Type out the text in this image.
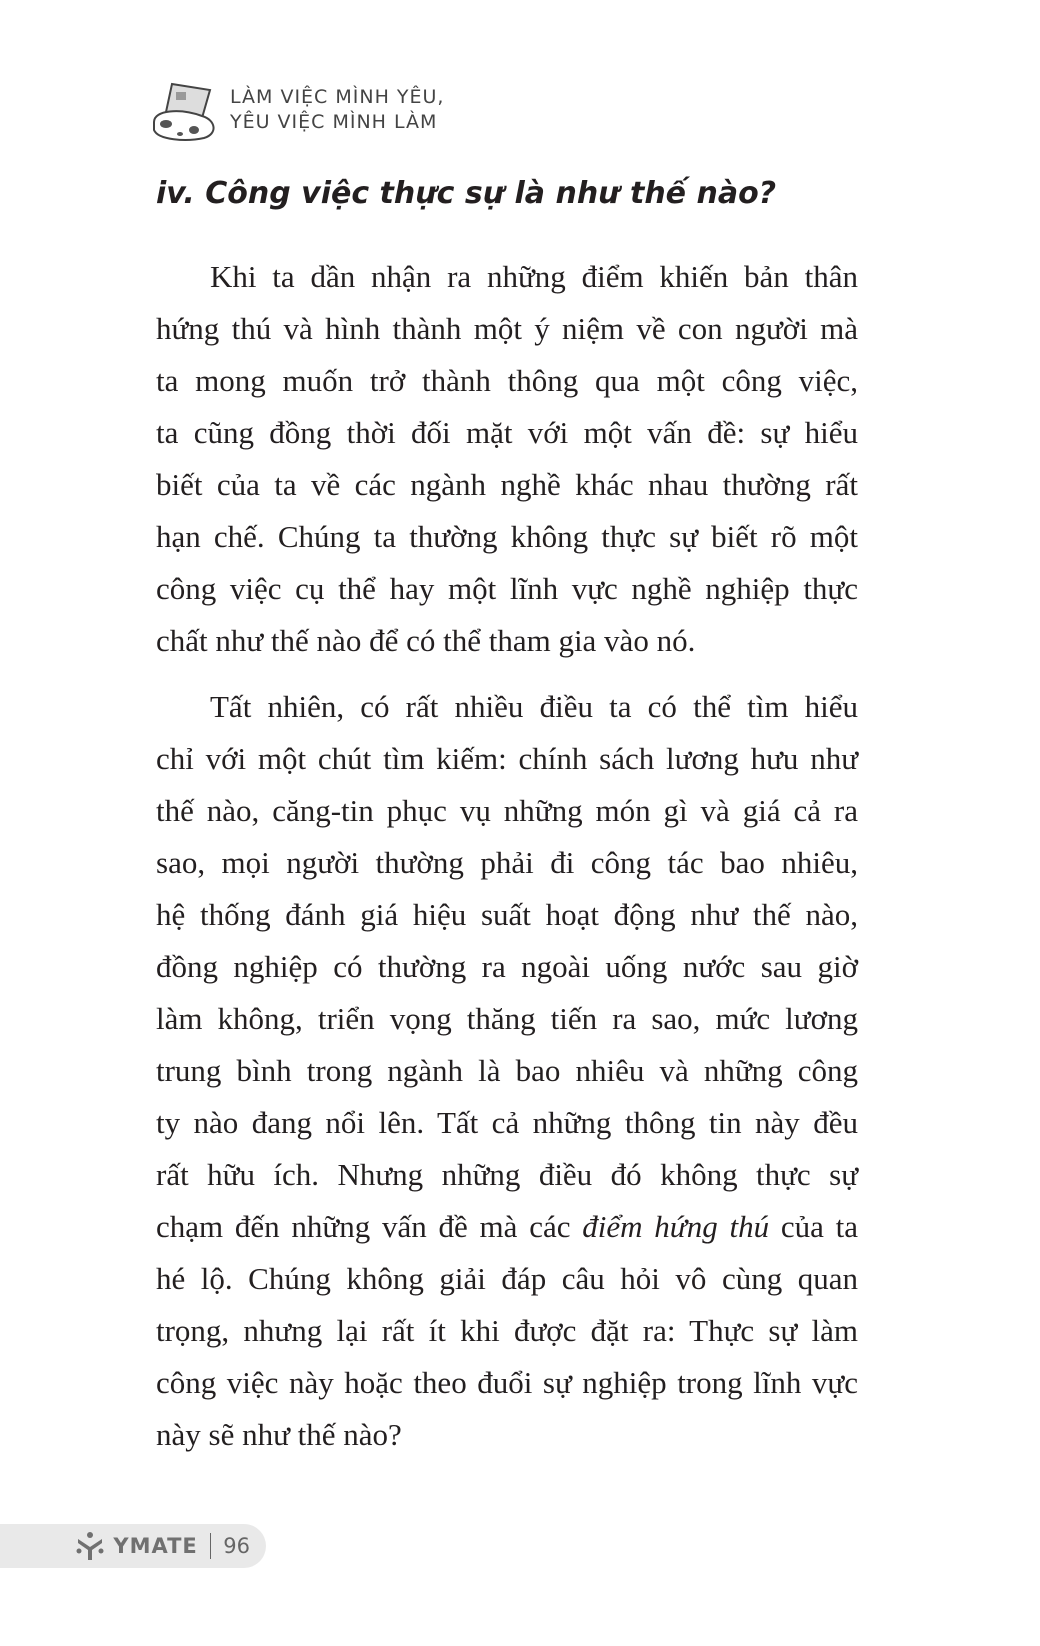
LÀM VIỆC MÌNH YÊU,
YÊU VIỆC MÌNH LÀM
iv. Công việc thực sự là như thế nào?
Khi ta dần nhận ra những điểm khiến bản thân
hứng thú và hình thành một ý niệm về con người mà
ta mong muốn trở thành thông qua một công việc,
ta cũng đồng thời đối mặt với một vấn đề: sự hiểu
biết của ta về các ngành nghề khác nhau thường rất
hạn chế. Chúng ta thường không thực sự biết rõ một
công việc cụ thể hay một lĩnh vực nghề nghiệp thực
chất như thế nào để có thể tham gia vào nó.
Tất nhiên, có rất nhiều điều ta có thể tìm hiểu
chỉ với một chút tìm kiếm: chính sách lương hưu như
thế nào, căng-tin phục vụ những món gì và giá cả ra
sao, mọi người thường phải đi công tác bao nhiêu,
hệ thống đánh giá hiệu suất hoạt động như thế nào,
đồng nghiệp có thường ra ngoài uống nước sau giờ
làm không, triển vọng thăng tiến ra sao, mức lương
trung bình trong ngành là bao nhiêu và những công
ty nào đang nổi lên. Tất cả những thông tin này đều
rất hữu ích. Nhưng những điều đó không thực sự
chạm đến những vấn đề mà các điểm hứng thú của ta
hé lộ. Chúng không giải đáp câu hỏi vô cùng quan
trọng, nhưng lại rất ít khi được đặt ra: Thực sự làm
công việc này hoặc theo đuổi sự nghiệp trong lĩnh vực
này sẽ như thế nào?
YMATE 96
